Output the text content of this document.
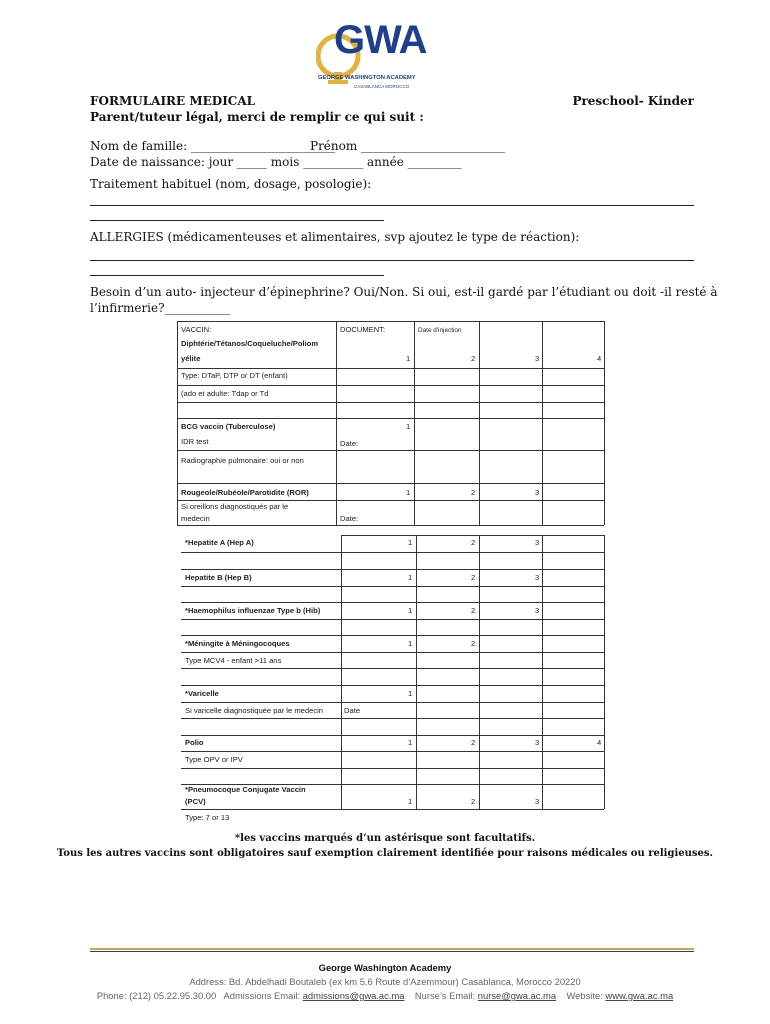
GWA
GEORGE WASHINGTON ACADEMY
CASABLANCA MOROCCO
FORMULAIRE MEDICAL	Preschool- Kinder
Parent/tuteur légal, merci de remplir ce qui suit :
Nom de famille: ________________________
Prénom ________________________
Date de naissance: jour _____ mois __________ année _________
Traitement habituel (nom, dosage, posologie):
ALLERGIES (médicamenteuses et alimentaires, svp ajoutez le type de réaction):
Besoin d’un auto- injecteur d’épinephrine? Oui/Non. Si oui, est-il gardé par l’étudiant ou doit -il resté à
l’infirmerie?___________
VACCIN:	DOCUMENT:	Date d'injection
Diphtérie/Tétanos/Coqueluche/Poliom
yélite	1	2	3	4
Type: DTaP, DTP or DT (enfant)
(ado et adulte: Tdap or Td
BCG vaccin (Tuberculose)	1
IDR test	Date:
Radiographie pulmonaire: oui or non
Rougeole/Rubéole/Parotidite (ROR)	1	2	3
Si oreillons diagnostiqués par le
medecin	Date:
*Hepatite A (Hep A)	1	2	3
Hepatite B (Hep B)	1	2	3
*Haemophilus influenzae Type b (Hib)	1	2	3
*Méningite à Méningocoques	1	2
Type MCV4 - enfant >11 ans
*Varicelle	1
Si varicelle diagnostiquée par le medecin	Date
Polio	1	2	3	4
Type OPV or IPV
*Pneumocoque Conjugate Vaccin
(PCV)	1	2	3
Type: 7 or 13
*les vaccins marqués d’un astérisque sont facultatifs.
Tous les autres vaccins sont obligatoires sauf exemption clairement identifiée pour raisons médicales ou religieuses.
George Washington Academy
Address: Bd. Abdelhadi Boutaleb (ex km 5.6 Route d’Azemmour) Casablanca, Morocco 20220
Phone: (212) 05.22.95.30.00 Admissions Email: admissions@gwa.ac.ma Nurse’s Email: nurse@gwa.ac.ma Website: www.gwa.ac.ma
